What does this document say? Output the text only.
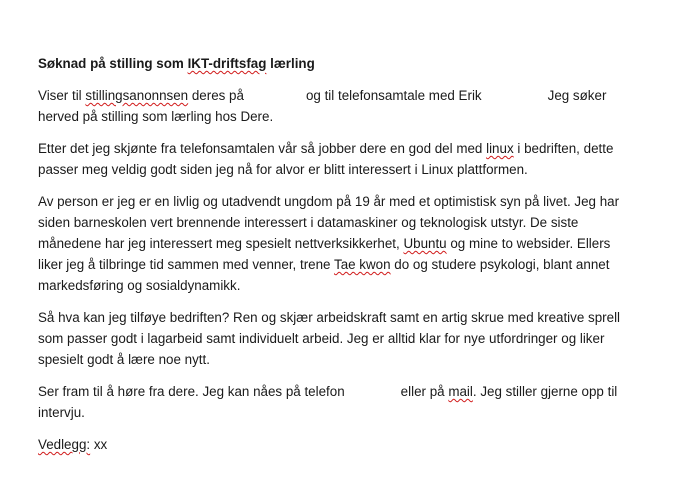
Søknad på stilling som IKT-driftsfag lærling
Viser til stillingsanonnsen deres på	og til telefonsamtale med Erik	Jeg søker
herved på stilling som lærling hos Dere.
Etter det jeg skjønte fra telefonsamtalen vår så jobber dere en god del med linux i bedriften, dette
passer meg veldig godt siden jeg nå for alvor er blitt interessert i Linux plattformen.
Av person er jeg er en livlig og utadvendt ungdom på 19 år med et optimistisk syn på livet. Jeg har
siden barneskolen vert brennende interessert i datamaskiner og teknologisk utstyr. De siste
månedene har jeg interessert meg spesielt nettverksikkerhet, Ubuntu og mine to websider. Ellers
liker jeg å tilbringe tid sammen med venner, trene Tae kwon do og studere psykologi, blant annet
markedsføring og sosialdynamikk.
Så hva kan jeg tilføye bedriften? Ren og skjær arbeidskraft samt en artig skrue med kreative sprell
som passer godt i lagarbeid samt individuelt arbeid. Jeg er alltid klar for nye utfordringer og liker
spesielt godt å lære noe nytt.
Ser fram til å høre fra dere. Jeg kan nåes på telefon	eller på mail. Jeg stiller gjerne opp til
intervju.
Vedlegg: xx
